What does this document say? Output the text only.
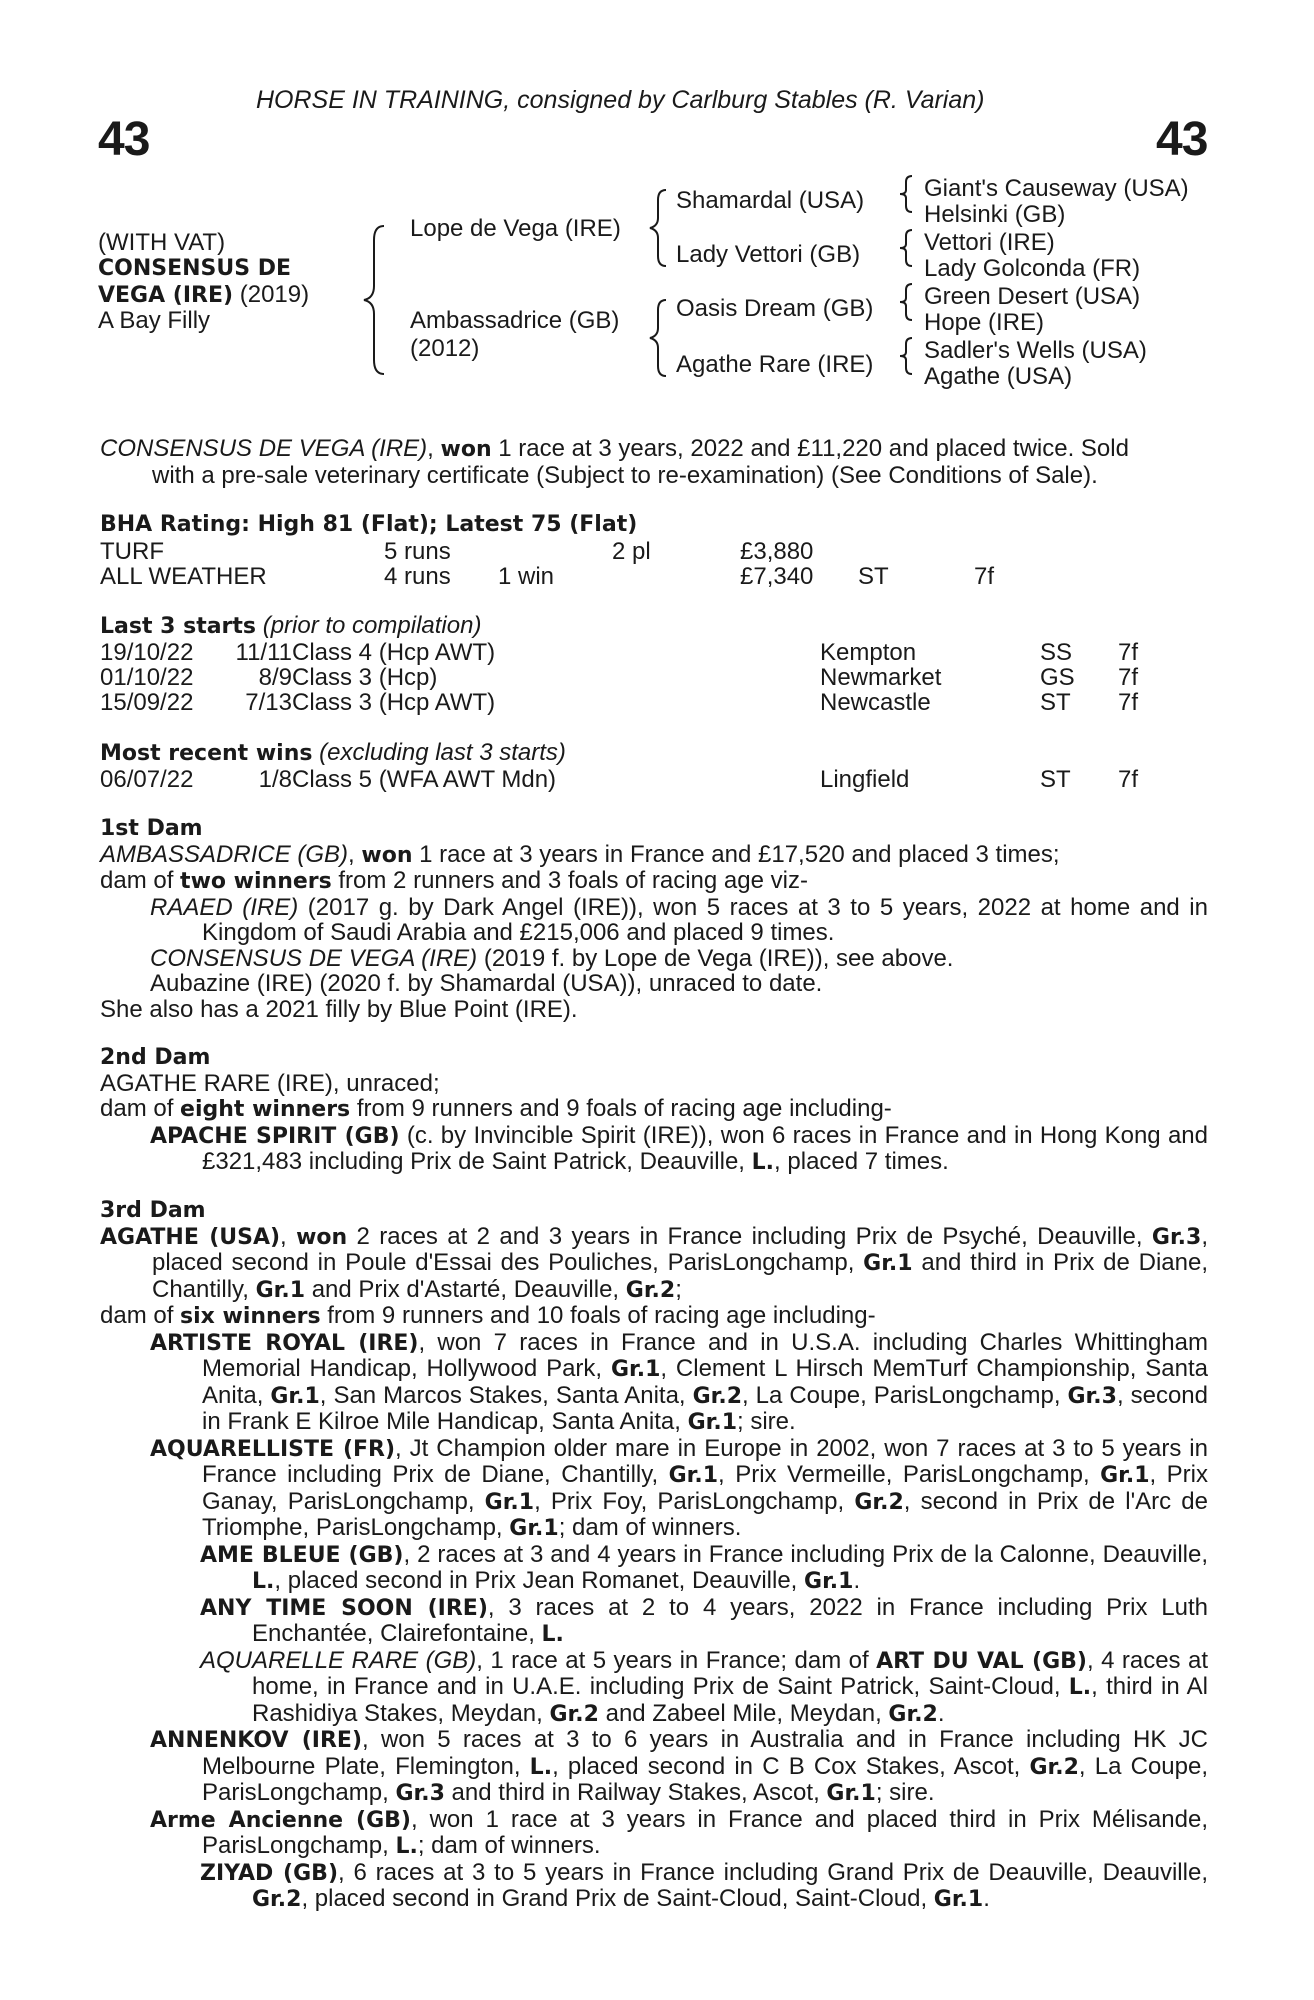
HORSE IN TRAINING, consigned by Carlburg Stables (R. Varian)
43	43
(WITH VAT)
CONSENSUS DE
VEGA (IRE) (2019)
A Bay Filly
Lope de Vega (IRE)
Ambassadrice (GB)
(2012)
Shamardal (USA)
Lady Vettori (GB)
Oasis Dream (GB)
Agathe Rare (IRE)
Giant's Causeway (USA)
Helsinki (GB)
Vettori (IRE)
Lady Golconda (FR)
Green Desert (USA)
Hope (IRE)
Sadler's Wells (USA)
Agathe (USA)

CONSENSUS DE VEGA (IRE), won 1 race at 3 years, 2022 and £11,220 and placed twice. Sold

with a pre-sale veterinary certificate (Subject to re-examination) (See Conditions of Sale).

BHA Rating: High 81 (Flat); Latest 75 (Flat)
TURF	5 runs	2 pl	£3,880
ALL WEATHER	4 runs 1 win	£7,340 ST	7f
Last 3 starts (prior to compilation)
19/10/22	11/11 Class 4 (Hcp AWT)	Kempton	SS 7f
01/10/22	8/9 Class 3 (Hcp)	Newmarket	GS 7f
15/09/22	7/13 Class 3 (Hcp AWT)	Newcastle	ST 7f
Most recent wins (excluding last 3 starts)
06/07/22	1/8 Class 5 (WFA AWT Mdn)	Lingfield	ST 7f

1st Dam

AMBASSADRICE (GB), won 1 race at 3 years in France and £17,520 and placed 3 times;

dam of two winners from 2 runners and 3 foals of racing age viz-

RAAED (IRE) (2017 g. by Dark Angel (IRE)), won 5 races at 3 to 5 years, 2022 at home and in Kingdom of Saudi Arabia and £215,006 and placed 9 times.

CONSENSUS DE VEGA (IRE) (2019 f. by Lope de Vega (IRE)), see above.

Aubazine (IRE) (2020 f. by Shamardal (USA)), unraced to date.

She also has a 2021 filly by Blue Point (IRE).

2nd Dam

AGATHE RARE (IRE), unraced;

dam of eight winners from 9 runners and 9 foals of racing age including-

APACHE SPIRIT (GB) (c. by Invincible Spirit (IRE)), won 6 races in France and in Hong Kong and £321,483 including Prix de Saint Patrick, Deauville, L., placed 7 times.

3rd Dam

AGATHE (USA), won 2 races at 2 and 3 years in France including Prix de Psyché, Deauville, Gr.3, placed second in Poule d'Essai des Pouliches, ParisLongchamp, Gr.1 and third in Prix de Diane, Chantilly, Gr.1 and Prix d'Astarté, Deauville, Gr.2;

dam of six winners from 9 runners and 10 foals of racing age including-

ARTISTE ROYAL (IRE), won 7 races in France and in U.S.A. including Charles Whittingham Memorial Handicap, Hollywood Park, Gr.1, Clement L Hirsch MemTurf Championship, Santa Anita, Gr.1, San Marcos Stakes, Santa Anita, Gr.2, La Coupe, ParisLongchamp, Gr.3, second in Frank E Kilroe Mile Handicap, Santa Anita, Gr.1; sire.

AQUARELLISTE (FR), Jt Champion older mare in Europe in 2002, won 7 races at 3 to 5 years in France including Prix de Diane, Chantilly, Gr.1, Prix Vermeille, ParisLongchamp, Gr.1, Prix Ganay, ParisLongchamp, Gr.1, Prix Foy, ParisLongchamp, Gr.2, second in Prix de l'Arc de Triomphe, ParisLongchamp, Gr.1; dam of winners.

AME BLEUE (GB), 2 races at 3 and 4 years in France including Prix de la Calonne, Deauville, L., placed second in Prix Jean Romanet, Deauville, Gr.1.

ANY TIME SOON (IRE), 3 races at 2 to 4 years, 2022 in France including Prix Luth Enchantée, Clairefontaine, L.

AQUARELLE RARE (GB), 1 race at 5 years in France; dam of ART DU VAL (GB), 4 races at home, in France and in U.A.E. including Prix de Saint Patrick, Saint-Cloud, L., third in Al Rashidiya Stakes, Meydan, Gr.2 and Zabeel Mile, Meydan, Gr.2.

ANNENKOV (IRE), won 5 races at 3 to 6 years in Australia and in France including HK JC Melbourne Plate, Flemington, L., placed second in C B Cox Stakes, Ascot, Gr.2, La Coupe, ParisLongchamp, Gr.3 and third in Railway Stakes, Ascot, Gr.1; sire.

Arme Ancienne (GB), won 1 race at 3 years in France and placed third in Prix Mélisande, ParisLongchamp, L.; dam of winners.

ZIYAD (GB), 6 races at 3 to 5 years in France including Grand Prix de Deauville, Deauville, Gr.2, placed second in Grand Prix de Saint-Cloud, Saint-Cloud, Gr.1.
